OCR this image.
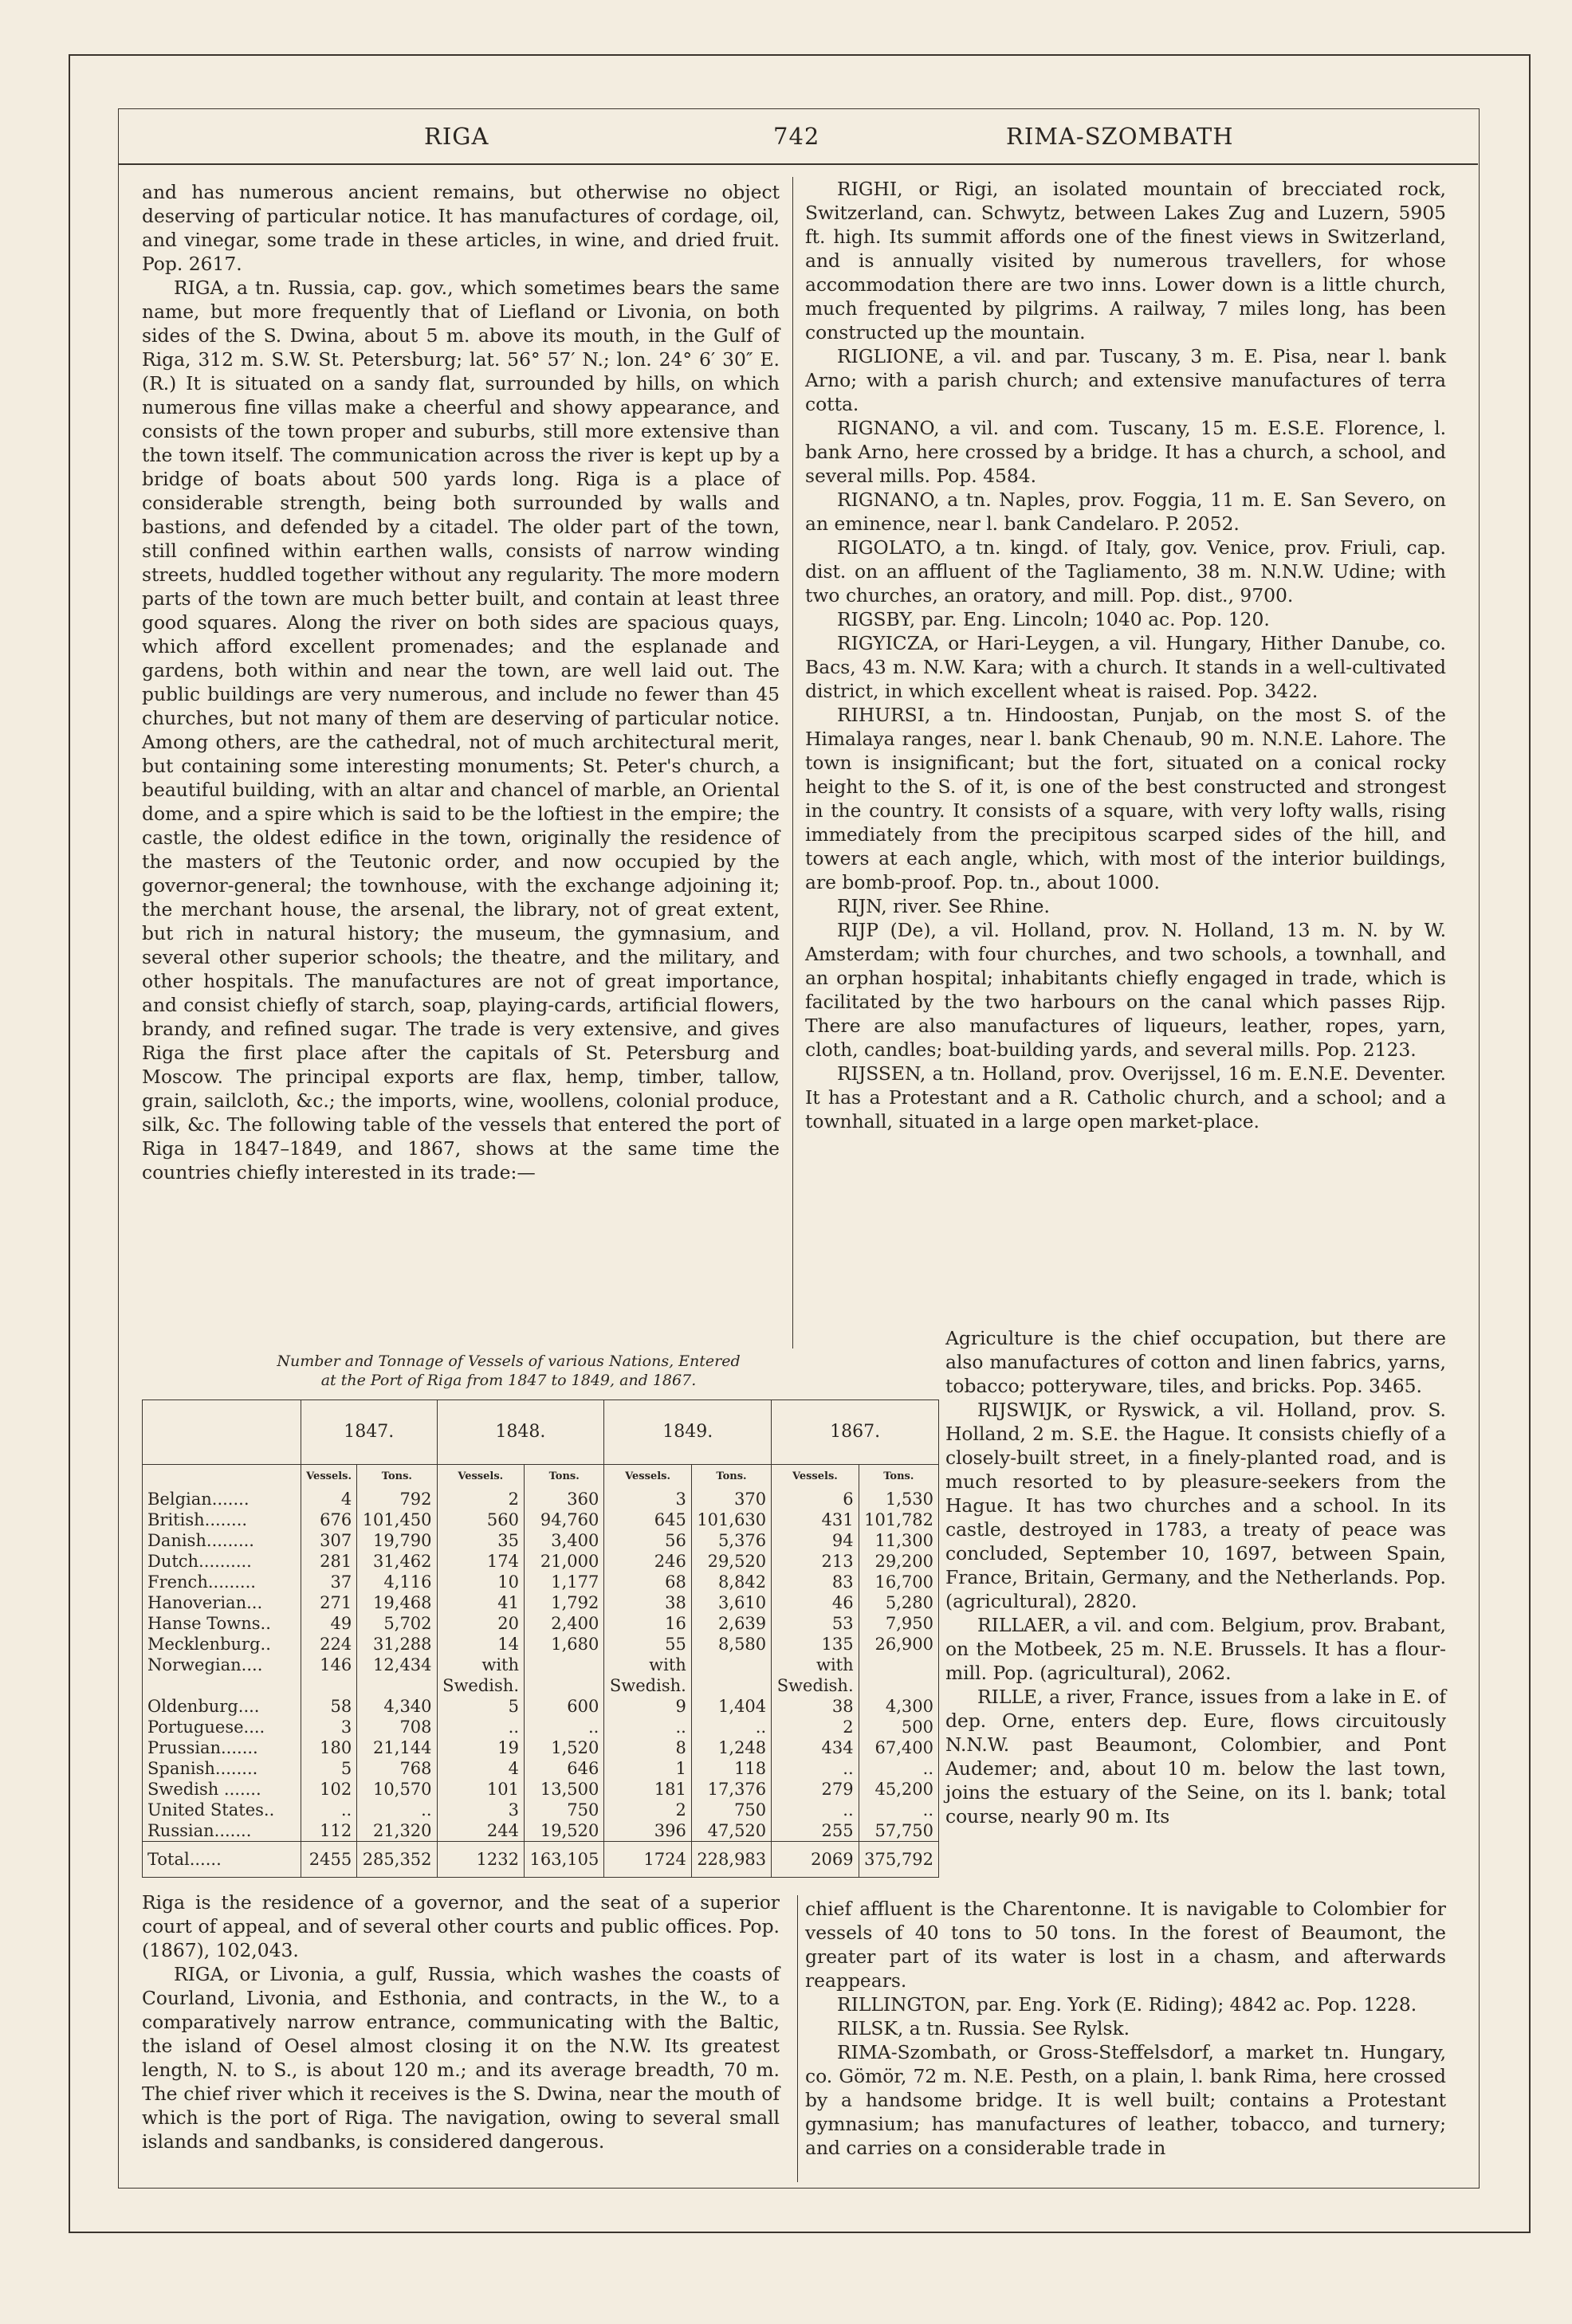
RIGA	742	RIMA-SZOMBATH

and has numerous ancient remains, but otherwise no object deserving of particular notice. It has manufactures of cordage, oil, and vinegar, some trade in these articles, in wine, and dried fruit. Pop. 2617.

RIGA, a tn. Russia, cap. gov., which sometimes bears the same name, but more frequently that of Liefland or Livonia, on both sides of the S. Dwina, about 5 m. above its mouth, in the Gulf of Riga, 312 m. S.W. St. Petersburg; lat. 56° 57′ N.; lon. 24° 6′ 30″ E. (R.) It is situated on a sandy flat, surrounded by hills, on which numerous fine villas make a cheerful and showy appearance, and consists of the town proper and suburbs, still more extensive than the town itself. The communication across the river is kept up by a bridge of boats about 500 yards long. Riga is a place of considerable strength, being both surrounded by walls and bastions, and defended by a citadel. The older part of the town, still confined within earthen walls, consists of narrow winding streets, huddled together without any regularity. The more modern parts of the town are much better built, and contain at least three good squares. Along the river on both sides are spacious quays, which afford excellent promenades; and the esplanade and gardens, both within and near the town, are well laid out. The public buildings are very numerous, and include no fewer than 45 churches, but not many of them are deserving of particular notice. Among others, are the cathedral, not of much architectural merit, but containing some interesting monuments; St. Peter's church, a beautiful building, with an altar and chancel of marble, an Oriental dome, and a spire which is said to be the loftiest in the empire; the castle, the oldest edifice in the town, originally the residence of the masters of the Teutonic order, and now occupied by the governor-general; the townhouse, with the exchange adjoining it; the merchant house, the arsenal, the library, not of great extent, but rich in natural history; the museum, the gymnasium, and several other superior schools; the theatre, and the military, and other hospitals. The manufactures are not of great importance, and consist chiefly of starch, soap, playing-cards, artificial flowers, brandy, and refined sugar. The trade is very extensive, and gives Riga the first place after the capitals of St. Petersburg and Moscow. The principal exports are flax, hemp, timber, tallow, grain, sailcloth, &c.; the imports, wine, woollens, colonial produce, silk, &c. The following table of the vessels that entered the port of Riga in 1847–1849, and 1867, shows at the same time the countries chiefly interested in its trade:—

Number and Tonnage of Vessels of various Nations, Entered
at the Port of Riga from 1847 to 1849, and 1867.
	1847.		1848.		1849.		1867.	
	Vessels.	Tons.	Vessels.	Tons.	Vessels.	Tons.	Vessels.	Tons.
Belgian.......	4	792	2	360	3	370	6	1,530
British........	676	101,450	560	94,760	645	101,630	431	101,782
Danish.........	307	19,790	35	3,400	56	5,376	94	11,300
Dutch..........	281	31,462	174	21,000	246	29,520	213	29,200
French.........	37	4,116	10	1,177	68	8,842	83	16,700
Hanoverian...	271	19,468	41	1,792	38	3,610	46	5,280
Hanse Towns..	49	5,702	20	2,400	16	2,639	53	7,950
Mecklenburg..	224	31,288	14	1,680	55	8,580	135	26,900
Norwegian....	146	12,434	with Swedish.		with Swedish.		with Swedish.	
Oldenburg....	58	4,340	5	600	9	1,404	38	4,300
Portuguese....	3	708	..	..	..	..	2	500
Prussian.......	180	21,144	19	1,520	8	1,248	434	67,400
Spanish........	5	768	4	646	1	118	..	..
Swedish .......	102	10,570	101	13,500	181	17,376	279	45,200
United States..	..	..	3	750	2	750	..	..
Russian.......	112	21,320	244	19,520	396	47,520	255	57,750
Total......	2455	285,352	1232	163,105	1724	228,983	2069	375,792

Riga is the residence of a governor, and the seat of a superior court of appeal, and of several other courts and public offices. Pop. (1867), 102,043.

RIGA, or Livonia, a gulf, Russia, which washes the coasts of Courland, Livonia, and Esthonia, and contracts, in the W., to a comparatively narrow entrance, communicating with the Baltic, the island of Oesel almost closing it on the N.W. Its greatest length, N. to S., is about 120 m.; and its average breadth, 70 m. The chief river which it receives is the S. Dwina, near the mouth of which is the port of Riga. The navigation, owing to several small islands and sandbanks, is considered dangerous.

RIGHI, or Rigi, an isolated mountain of brecciated rock, Switzerland, can. Schwytz, between Lakes Zug and Luzern, 5905 ft. high. Its summit affords one of the finest views in Switzerland, and is annually visited by numerous travellers, for whose accommodation there are two inns. Lower down is a little church, much frequented by pilgrims. A railway, 7 miles long, has been constructed up the mountain.

RIGLIONE, a vil. and par. Tuscany, 3 m. E. Pisa, near l. bank Arno; with a parish church; and extensive manufactures of terra cotta.

RIGNANO, a vil. and com. Tuscany, 15 m. E.S.E. Florence, l. bank Arno, here crossed by a bridge. It has a church, a school, and several mills. Pop. 4584.

RIGNANO, a tn. Naples, prov. Foggia, 11 m. E. San Severo, on an eminence, near l. bank Candelaro. P. 2052.

RIGOLATO, a tn. kingd. of Italy, gov. Venice, prov. Friuli, cap. dist. on an affluent of the Tagliamento, 38 m. N.N.W. Udine; with two churches, an oratory, and mill. Pop. dist., 9700.

RIGSBY, par. Eng. Lincoln; 1040 ac. Pop. 120.

RIGYICZA, or Hari-Leygen, a vil. Hungary, Hither Danube, co. Bacs, 43 m. N.W. Kara; with a church. It stands in a well-cultivated district, in which excellent wheat is raised. Pop. 3422.

RIHURSI, a tn. Hindoostan, Punjab, on the most S. of the Himalaya ranges, near l. bank Chenaub, 90 m. N.N.E. Lahore. The town is insignificant; but the fort, situated on a conical rocky height to the S. of it, is one of the best constructed and strongest in the country. It consists of a square, with very lofty walls, rising immediately from the precipitous scarped sides of the hill, and towers at each angle, which, with most of the interior buildings, are bomb-proof. Pop. tn., about 1000.

RIJN, river. See Rhine.

RIJP (De), a vil. Holland, prov. N. Holland, 13 m. N. by W. Amsterdam; with four churches, and two schools, a townhall, and an orphan hospital; inhabitants chiefly engaged in trade, which is facilitated by the two harbours on the canal which passes Rijp. There are also manufactures of liqueurs, leather, ropes, yarn, cloth, candles; boat-building yards, and several mills. Pop. 2123.

RIJSSEN, a tn. Holland, prov. Overijssel, 16 m. E.N.E. Deventer. It has a Protestant and a R. Catholic church, and a school; and a townhall, situated in a large open market-place.

Agriculture is the chief occupation, but there are also manufactures of cotton and linen fabrics, yarns, tobacco; potteryware, tiles, and bricks. Pop. 3465.

RIJSWIJK, or Ryswick, a vil. Holland, prov. S. Holland, 2 m. S.E. the Hague. It consists chiefly of a closely-built street, in a finely-planted road, and is much resorted to by pleasure-seekers from the Hague. It has two churches and a school. In its castle, destroyed in 1783, a treaty of peace was concluded, September 10, 1697, between Spain, France, Britain, Germany, and the Netherlands. Pop. (agricultural), 2820.

RILLAER, a vil. and com. Belgium, prov. Brabant, on the Motbeek, 25 m. N.E. Brussels. It has a flour-mill. Pop. (agricultural), 2062.

RILLE, a river, France, issues from a lake in E. of dep. Orne, enters dep. Eure, flows circuitously N.N.W. past Beaumont, Colombier, and Pont Audemer; and, about 10 m. below the last town, joins the estuary of the Seine, on its l. bank; total course, nearly 90 m. Its

chief affluent is the Charentonne. It is navigable to Colombier for vessels of 40 tons to 50 tons. In the forest of Beaumont, the greater part of its water is lost in a chasm, and afterwards reappears.

RILLINGTON, par. Eng. York (E. Riding); 4842 ac. Pop. 1228.

RILSK, a tn. Russia. See Rylsk.

RIMA-Szombath, or Gross-Steffelsdorf, a market tn. Hungary, co. Gömör, 72 m. N.E. Pesth, on a plain, l. bank Rima, here crossed by a handsome bridge. It is well built; contains a Protestant gymnasium; has manufactures of leather, tobacco, and turnery; and carries on a considerable trade in
